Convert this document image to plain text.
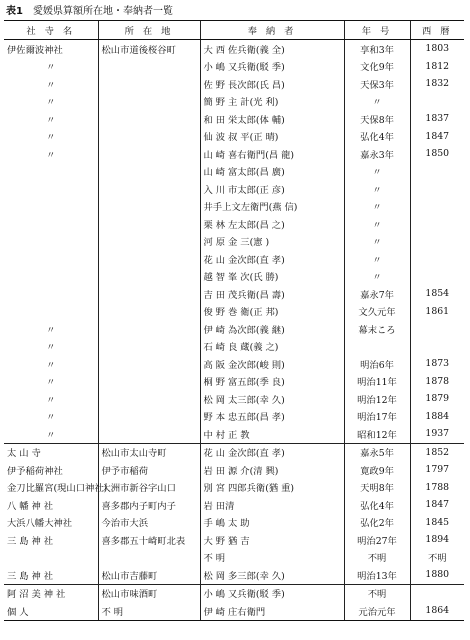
表1 愛媛県算額所在地・奉納者一覧
社 寺 名	所 在 地	奉 納 者	年 号	西 暦
伊佐爾波神社	松山市道後桜谷町	大 西 佐兵衛(義 全)	享和3年	1803
〃		小 嶋 又兵衛(駁 季)	文化9年	1812
〃		佐 野 長次郎(氏 昌)	天保3年	1832
〃		簡 野 主 計(光 利)	〃	
〃		和 田 栄太郎(体 輔)	天保8年	1837
〃		仙 波 叔 平(正 晴)	弘化4年	1847
〃		山 崎 喜右衛門(昌 龍)	嘉永3年	1850
		山 崎 富太郎(昌 廣)	〃	
		入 川 市太郎(正 彦)	〃	
		井手上文左衛門(燕 信)	〃	
		栗 林 左太郎(昌 之)	〃	
		河 原 金 三(憲 )	〃	
		花 山 金次郎(直 孝)	〃	
		越 智 峯 次(氏 勝)	〃	
		吉 田 茂兵衛(昌 壽)	嘉永7年	1854
		俊 野 巻 衛(正 邦)	文久元年	1861
〃		伊 崎 為次郎(義 継)	幕末ころ	
〃		石 崎 良 蔵(義 之)		
〃		高 阪 金次郎(峻 則)	明治6年	1873
〃		桐 野 富五郎(季 良)	明治11年	1878
〃		松 岡 太三郎(幸 久)	明治12年	1879
〃		野 本 忠五郎(昌 孝)	明治17年	1884
〃		中 村 正 教	昭和12年	1937
太 山 寺	松山市太山寺町	花 山 金次郎(直 孝)	嘉永5年	1852
伊予稲荷神社	伊予市稲荷	岩 田 源 介(清 興)	寛政9年	1797
金刀比羅宮(現山口神社)	大洲市新谷字山口	別 宮 四郎兵衛(猶 重)	天明8年	1788
八 幡 神 社	喜多郡内子町内子	岩 田清	弘化4年	1847
大浜八幡大神社	今治市大浜	手 嶋 太 助	弘化2年	1845
三 島 神 社	喜多郡五十崎町北表	大 野 猶 吉	明治27年	1894
		不 明	不明	不明
三 島 神 社	松山市吉藤町	松 岡 多三郎(幸 久)	明治13年	1880
阿 沼 美 神 社	松山市味酒町	小 嶋 又兵衛(駁 季)	不明	
個 人	不 明	伊 崎 庄右衛門	元治元年	1864
